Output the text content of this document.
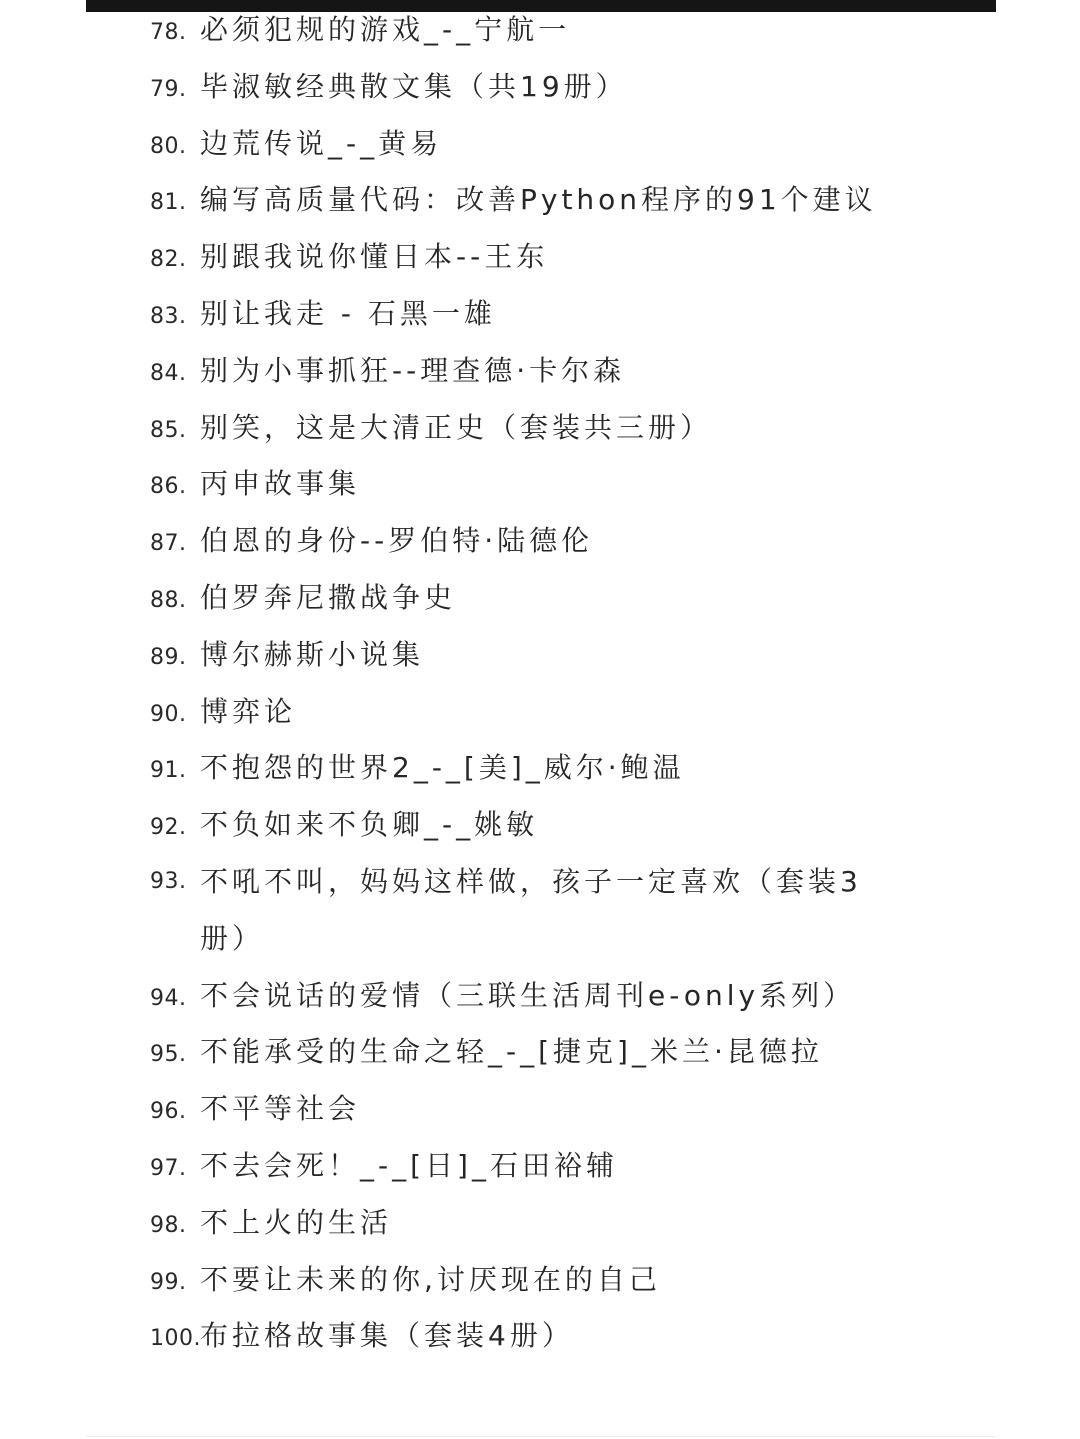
78. 必须犯规的游戏_-_宁航一
79. 毕淑敏经典散文集（共19册）
80. 边荒传说_-_黄易
81. 编写高质量代码：改善Python程序的91个建议
82. 别跟我说你懂日本--王东
83. 别让我走 - 石黑一雄
84. 别为小事抓狂--理查德·卡尔森
85. 别笑，这是大清正史（套装共三册）
86. 丙申故事集
87. 伯恩的身份--罗伯特·陆德伦
88. 伯罗奔尼撒战争史
89. 博尔赫斯小说集
90. 博弈论
91. 不抱怨的世界2_-_[美]_威尔·鲍温
92. 不负如来不负卿_-_姚敏
93. 不吼不叫，妈妈这样做，孩子一定喜欢（套装3册）
94. 不会说话的爱情（三联生活周刊e-only系列）
95. 不能承受的生命之轻_-_[捷克]_米兰·昆德拉
96. 不平等社会
97. 不去会死！_-_[日]_石田裕辅
98. 不上火的生活
99. 不要让未来的你,讨厌现在的自己
100. 布拉格故事集（套装4册）
